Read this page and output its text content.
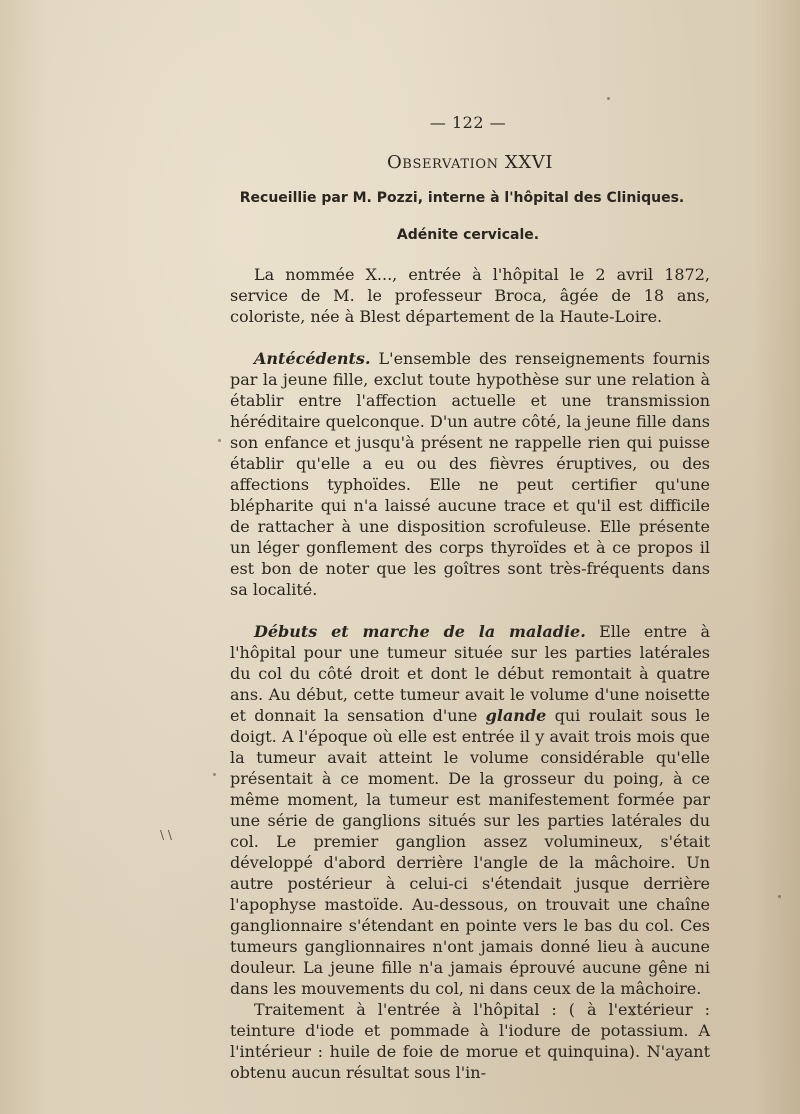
— 122 —
Observation XXVI
Recueillie par M. Pozzi, interne à l'hôpital des Cliniques.
Adénite cervicale.

La nommée X..., entrée à l'hôpital le 2 avril 1872, service de M. le professeur Broca, âgée de 18 ans, coloriste, née à Blest département de la Haute-Loire.

Antécédents. L'ensemble des renseignements fournis par la jeune fille, exclut toute hypothèse sur une relation à établir entre l'affection actuelle et une transmission héréditaire quelconque. D'un autre côté, la jeune fille dans son enfance et jusqu'à présent ne rappelle rien qui puisse établir qu'elle a eu ou des fièvres éruptives, ou des affections typhoïdes. Elle ne peut certifier qu'une blépharite qui n'a laissé aucune trace et qu'il est difficile de rattacher à une disposition scrofuleuse. Elle présente un léger gonflement des corps thyroïdes et à ce propos il est bon de noter que les goîtres sont très-fréquents dans sa localité.

Débuts et marche de la maladie. Elle entre à l'hôpital pour une tumeur située sur les parties latérales du col du côté droit et dont le début remontait à quatre ans. Au début, cette tumeur avait le volume d'une noisette et donnait la sensation d'une glande qui roulait sous le doigt. A l'époque où elle est entrée il y avait trois mois que la tumeur avait atteint le volume considérable qu'elle présentait à ce moment. De la grosseur du poing, à ce même moment, la tumeur est manifestement formée par une série de ganglions situés sur les parties latérales du col. Le premier ganglion assez volumineux, s'était développé d'abord derrière l'angle de la mâchoire. Un autre postérieur à celui-ci s'étendait jusque derrière l'apophyse mastoïde. Au-dessous, on trouvait une chaîne ganglionnaire s'étendant en pointe vers le bas du col. Ces tumeurs ganglionnaires n'ont jamais donné lieu à aucune douleur. La jeune fille n'a jamais éprouvé aucune gêne ni dans les mouvements du col, ni dans ceux de la mâchoire.

Traitement à l'entrée à l'hôpital : ( à l'extérieur : teinture d'iode et pommade à l'iodure de potassium. A l'intérieur : huile de foie de morue et quinquina). N'ayant obtenu aucun résultat sous l'in-

\ \
